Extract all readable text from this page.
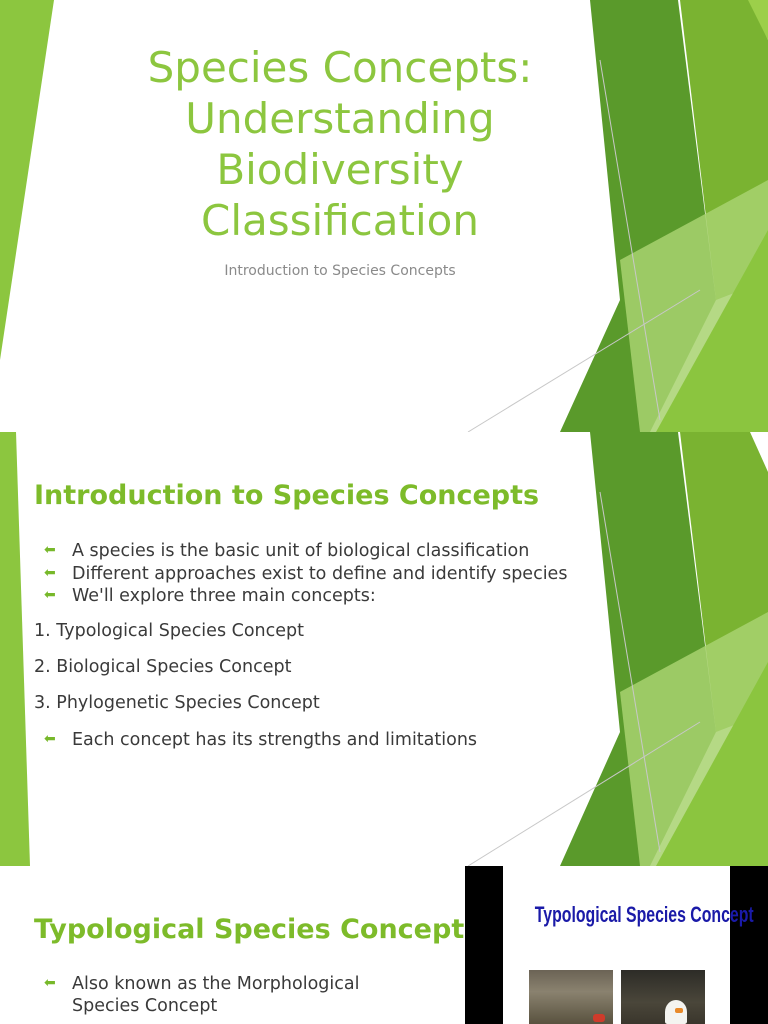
Species Concepts:
Understanding
Biodiversity
Classification

Introduction to Species Concepts

Introduction to Species Concepts
⬅ A species is the basic unit of biological classification
⬅ Different approaches exist to define and identify species
⬅ We'll explore three main concepts:
1. Typological Species Concept
2. Biological Species Concept
3. Phylogenetic Species Concept
⬅ Each concept has its strengths and limitations
Typological Species Concept
⬅ Also known as the Morphological
Species Concept
Typological Species Concept
